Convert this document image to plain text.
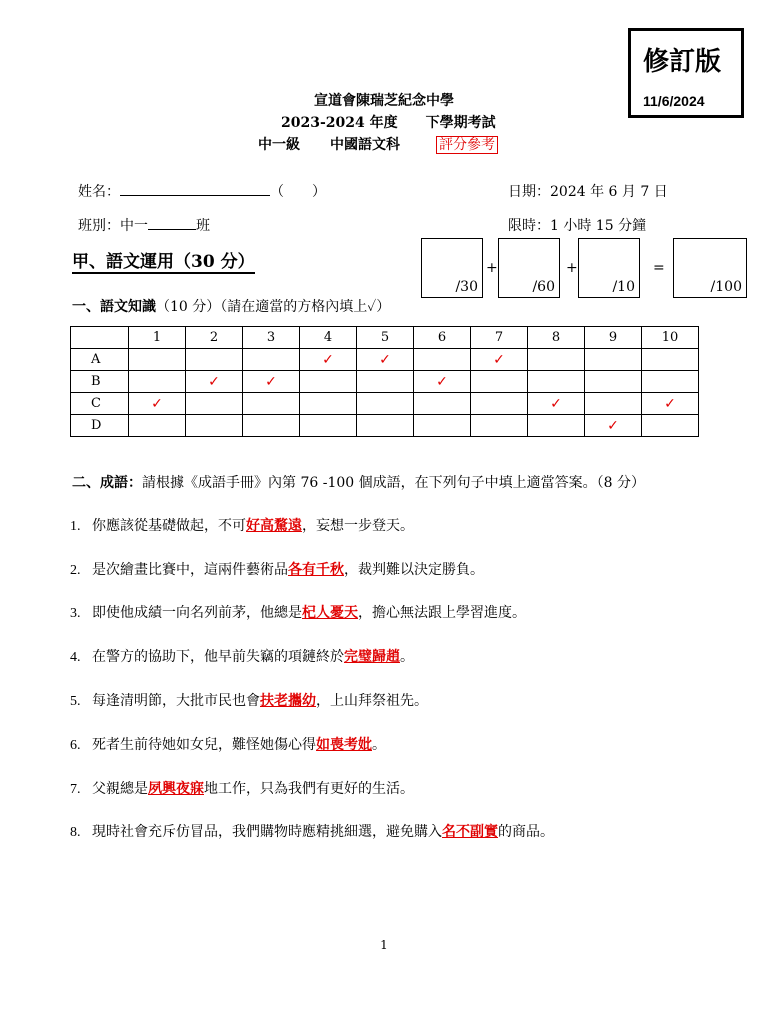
修訂版
11/6/2024
宣道會陳瑞芝紀念中學
2023-2024 年度 下學期考試
中一級 中國語文科	評分參考
姓名：	（　　）	日期：2024 年 6 月 7 日
班別：中一	班	限時：1 小時 15 分鐘
甲、語文運用（30 分）
/30
+
/60
+
/10
=
/100
一、語文知識（10 分）（請在適當的方格內填上✓）
	1	2	3	4	5	6	7	8	9	10
A				✓	✓		✓			
B		✓	✓			✓				
C	✓							✓		✓
D									✓	
二、成語：請根據《成語手冊》內第 76 -100 個成語，在下列句子中填上適當答案。（8 分）
1. 你應該從基礎做起，不可好高騖遠，妄想一步登天。
2. 是次繪畫比賽中，這兩件藝術品各有千秋，裁判難以決定勝負。
3. 即使他成績一向名列前茅，他總是杞人憂天，擔心無法跟上學習進度。
4. 在警方的協助下，他早前失竊的項鏈終於完璧歸趙。
5. 每逢清明節，大批市民也會扶老攜幼，上山拜祭祖先。
6. 死者生前待她如女兒，難怪她傷心得如喪考妣。
7. 父親總是夙興夜寐地工作，只為我們有更好的生活。
8. 現時社會充斥仿冒品，我們購物時應精挑細選，避免購入名不副實的商品。
1
